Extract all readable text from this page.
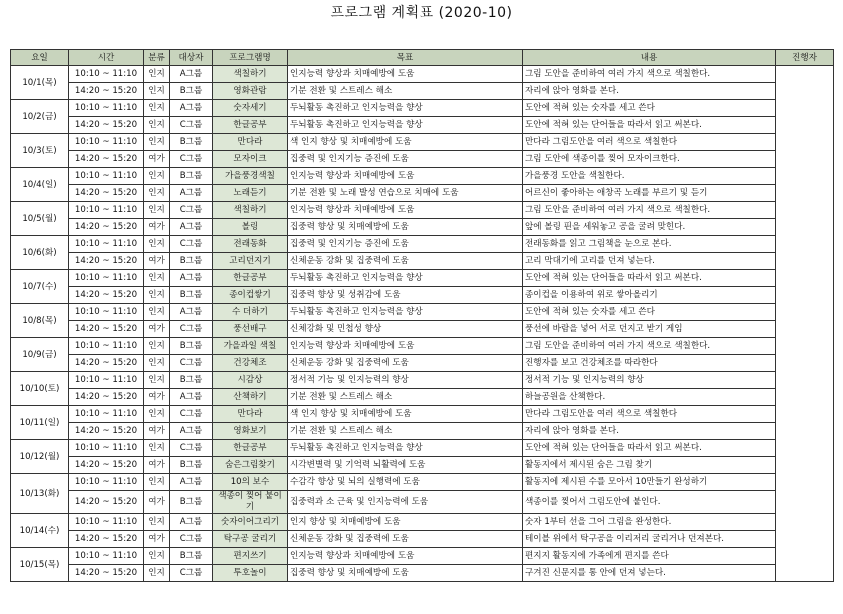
프로그램 계획표 (2020-10)
요일	시간	분류	대상자	프로그램명	목표	내용	진행자
10/1(목)	10:10 ~ 11:10	인지	A그룹	색칠하기	인지능력 향상과 치매예방에 도움	그림 도안을 준비하여 여러 가지 색으로 색칠한다.	
	14:20 ~ 15:20	인지	B그룹	영화관람	기분 전환 및 스트레스 해소	자리에 앉아 영화를 본다.	
10/2(금)	10:10 ~ 11:10	인지	A그룹	숫자세기	두뇌활동 촉진하고 인지능력을 향상	도안에 적혀 있는 숫자를 세고 쓴다	
	14:20 ~ 15:20	인지	C그룹	한글공부	두뇌활동 촉진하고 인지능력을 향상	도안에 적혀 있는 단어들을 따라서 읽고 써본다.	
10/3(토)	10:10 ~ 11:10	인지	B그룹	만다라	색 인지 향상 및 치매예방에 도움	만다라 그림도안을 여러 색으로 색칠한다	
	14:20 ~ 15:20	여가	C그룹	모자이크	집중력 및 인지기능 증진에 도움	그림 도안에 색종이를 찢어 모자이크한다.	
10/4(일)	10:10 ~ 11:10	인지	B그룹	가을풍경색칠	인지능력 향상과 치매예방에 도움	가을풍경 도안을 색칠한다.	
	14:20 ~ 15:20	인지	A그룹	노래듣기	기분 전환 및 노래 발성 연습으로 치매에 도움	어르신이 좋아하는 애창곡 노래를 부르기 및 듣기	
10/5(월)	10:10 ~ 11:10	인지	C그룹	색칠하기	인지능력 향상과 치매예방에 도움	그림 도안을 준비하여 여러 가지 색으로 색칠한다.	
	14:20 ~ 15:20	여가	A그룹	볼링	집중력 향상 및 치매예방에 도움	앞에 볼링 핀을 세워놓고 공을 굴려 맞힌다.	
10/6(화)	10:10 ~ 11:10	인지	C그룹	전래동화	집중력 및 인지기능 증진에 도움	전래동화를 읽고 그림책을 눈으로 본다.	
	14:20 ~ 15:20	여가	B그룹	고리던지기	신체운동 강화 및 집중력에 도움	고리 막대기에 고리를 던져 넣는다.	
10/7(수)	10:10 ~ 11:10	인지	A그룹	한글공부	두뇌활동 촉진하고 인지능력을 향상	도안에 적혀 있는 단어들을 따라서 읽고 써본다.	
	14:20 ~ 15:20	인지	B그룹	종이컵쌓기	집중력 향상 및 성취감에 도움	종이컵을 이용하여 위로 쌓아올리기	
10/8(목)	10:10 ~ 11:10	인지	A그룹	수 더하기	두뇌활동 촉진하고 인지능력을 향상	도안에 적혀 있는 숫자를 세고 쓴다	
	14:20 ~ 15:20	여가	C그룹	풍선배구	신체강화 및 민첩성 향상	풍선에 바람을 넣어 서로 던지고 받기 게임	
10/9(금)	10:10 ~ 11:10	인지	B그룹	가을과일 색칠	인지능력 향상과 치매예방에 도움	그림 도안을 준비하여 여러 가지 색으로 색칠한다.	
	14:20 ~ 15:20	인지	C그룹	건강체조	신체운동 강화 및 집중력에 도움	진행자를 보고 건강체조를 따라한다	
10/10(토)	10:10 ~ 11:10	인지	B그룹	시감상	정서적 기능 및 인지능력의 향상	정서적 기능 및 인지능력의 향상	
	14:20 ~ 15:20	여가	A그룹	산책하기	기분 전환 및 스트레스 해소	하늘공원을 산책한다.	
10/11(일)	10:10 ~ 11:10	인지	C그룹	만다라	색 인지 향상 및 치매예방에 도움	만다라 그림도안을 여러 색으로 색칠한다	
	14:20 ~ 15:20	여가	A그룹	영화보기	기분 전환 및 스트레스 해소	자리에 앉아 영화를 본다.	
10/12(월)	10:10 ~ 11:10	인지	C그룹	한글공부	두뇌활동 촉진하고 인지능력을 향상	도안에 적혀 있는 단어들을 따라서 읽고 써본다.	
	14:20 ~ 15:20	여가	B그룹	숨은그림찾기	시각변별력 및 기억력 뇌활력에 도움	활동지에서 제시된 숨은 그림 찾기	
10/13(화)	10:10 ~ 11:10	인지	A그룹	10의 보수	수감각 향상 및 뇌의 실행력에 도움	활동지에 제시된 수를 모아서 10만들기 완성하기	
	14:20 ~ 15:20	여가	B그룹	색종이 찢어 붙이기	집중력과 소 근육 및 인지능력에 도움	색종이를 찢어서 그림도안에 붙인다.	
10/14(수)	10:10 ~ 11:10	인지	A그룹	숫자이어그리기	인지 향상 및 치매예방에 도움	숫자 1부터 선을 그어 그림을 완성한다.	
	14:20 ~ 15:20	여가	C그룹	탁구공 굴리기	신체운동 강화 및 집중력에 도움	테이블 위에서 탁구공을 이리저리 굴리거나 던져본다.	
10/15(목)	10:10 ~ 11:10	인지	B그룹	편지쓰기	인지능력 향상과 치매예방에 도움	편지지 활동지에 가족에게 편지를 쓴다	
	14:20 ~ 15:20	인지	C그룹	투호놀이	집중력 향상 및 치매예방에 도움	구겨진 신문지를 통 안에 던져 넣는다.	
